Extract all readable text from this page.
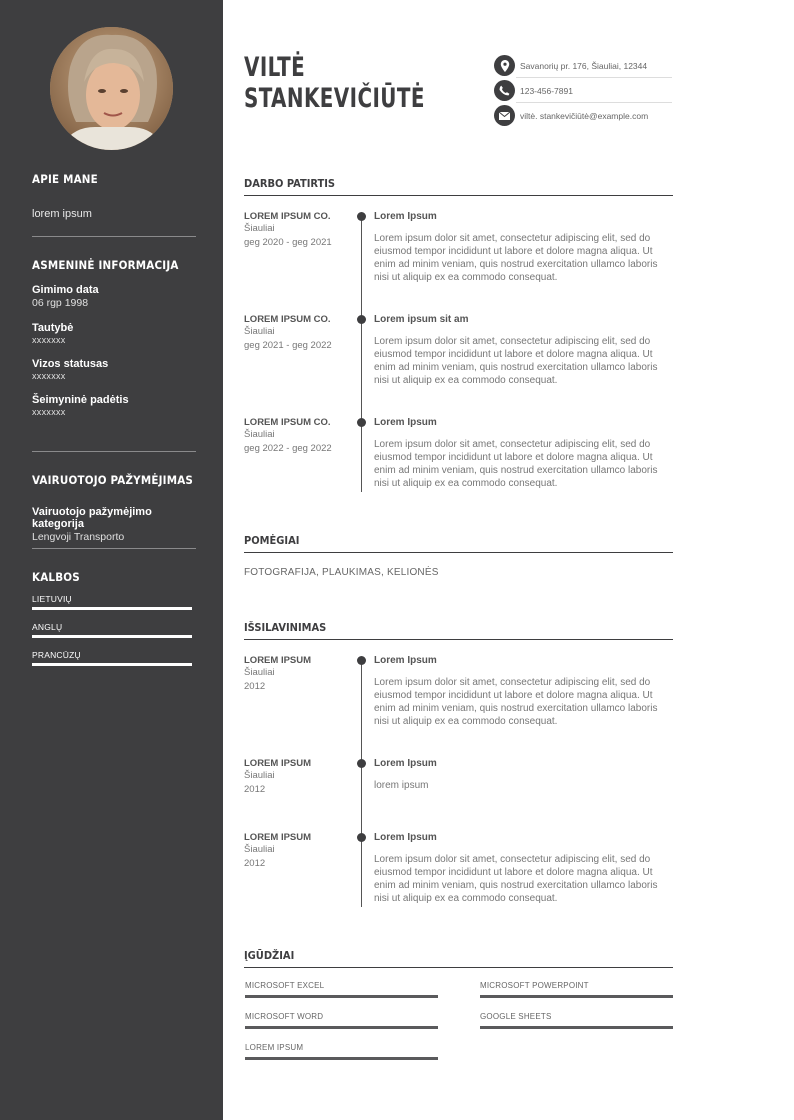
APIE MANE
lorem ipsum
ASMENINĖ INFORMACIJA
Gimimo data
06 rgp 1998
Tautybė
xxxxxxx
Vizos statusas
xxxxxxx
Šeimyninė padėtis
xxxxxxx
VAIRUOTOJO PAŽYMĖJIMAS
Vairuotojo pažymėjimo kategorija
Lengvoji Transporto
KALBOS
LIETUVIŲ
ANGLŲ
PRANCŪZŲ
VILTĖ
STANKEVIČIŪTĖ
Savanorių pr. 176, Šiauliai, 12344
123-456-7891
viltė. stankevičiūtė@example.com
DARBO PATIRTIS
LOREM IPSUM CO.
Šiauliai
geg 2020 - geg 2021
Lorem Ipsum
Lorem ipsum dolor sit amet, consectetur adipiscing elit, sed do eiusmod tempor incididunt ut labore et dolore magna aliqua. Ut enim ad minim veniam, quis nostrud exercitation ullamco laboris nisi ut aliquip ex ea commodo consequat.
LOREM IPSUM CO.
Šiauliai
geg 2021 - geg 2022
Lorem ipsum sit am
Lorem ipsum dolor sit amet, consectetur adipiscing elit, sed do eiusmod tempor incididunt ut labore et dolore magna aliqua. Ut enim ad minim veniam, quis nostrud exercitation ullamco laboris nisi ut aliquip ex ea commodo consequat.
LOREM IPSUM CO.
Šiauliai
geg 2022 - geg 2022
Lorem Ipsum
Lorem ipsum dolor sit amet, consectetur adipiscing elit, sed do eiusmod tempor incididunt ut labore et dolore magna aliqua. Ut enim ad minim veniam, quis nostrud exercitation ullamco laboris nisi ut aliquip ex ea commodo consequat.
POMĖGIAI
FOTOGRAFIJA, PLAUKIMAS, KELIONĖS
IŠSILAVINIMAS
LOREM IPSUM
Šiauliai
2012
Lorem Ipsum
Lorem ipsum dolor sit amet, consectetur adipiscing elit, sed do eiusmod tempor incididunt ut labore et dolore magna aliqua. Ut enim ad minim veniam, quis nostrud exercitation ullamco laboris nisi ut aliquip ex ea commodo consequat.
LOREM IPSUM
Šiauliai
2012
Lorem Ipsum
lorem ipsum
LOREM IPSUM
Šiauliai
2012
Lorem Ipsum
Lorem ipsum dolor sit amet, consectetur adipiscing elit, sed do eiusmod tempor incididunt ut labore et dolore magna aliqua. Ut enim ad minim veniam, quis nostrud exercitation ullamco laboris nisi ut aliquip ex ea commodo consequat.
ĮGŪDŽIAI
MICROSOFT EXCEL	MICROSOFT POWERPOINT
MICROSOFT WORD	GOOGLE SHEETS
LOREM IPSUM
